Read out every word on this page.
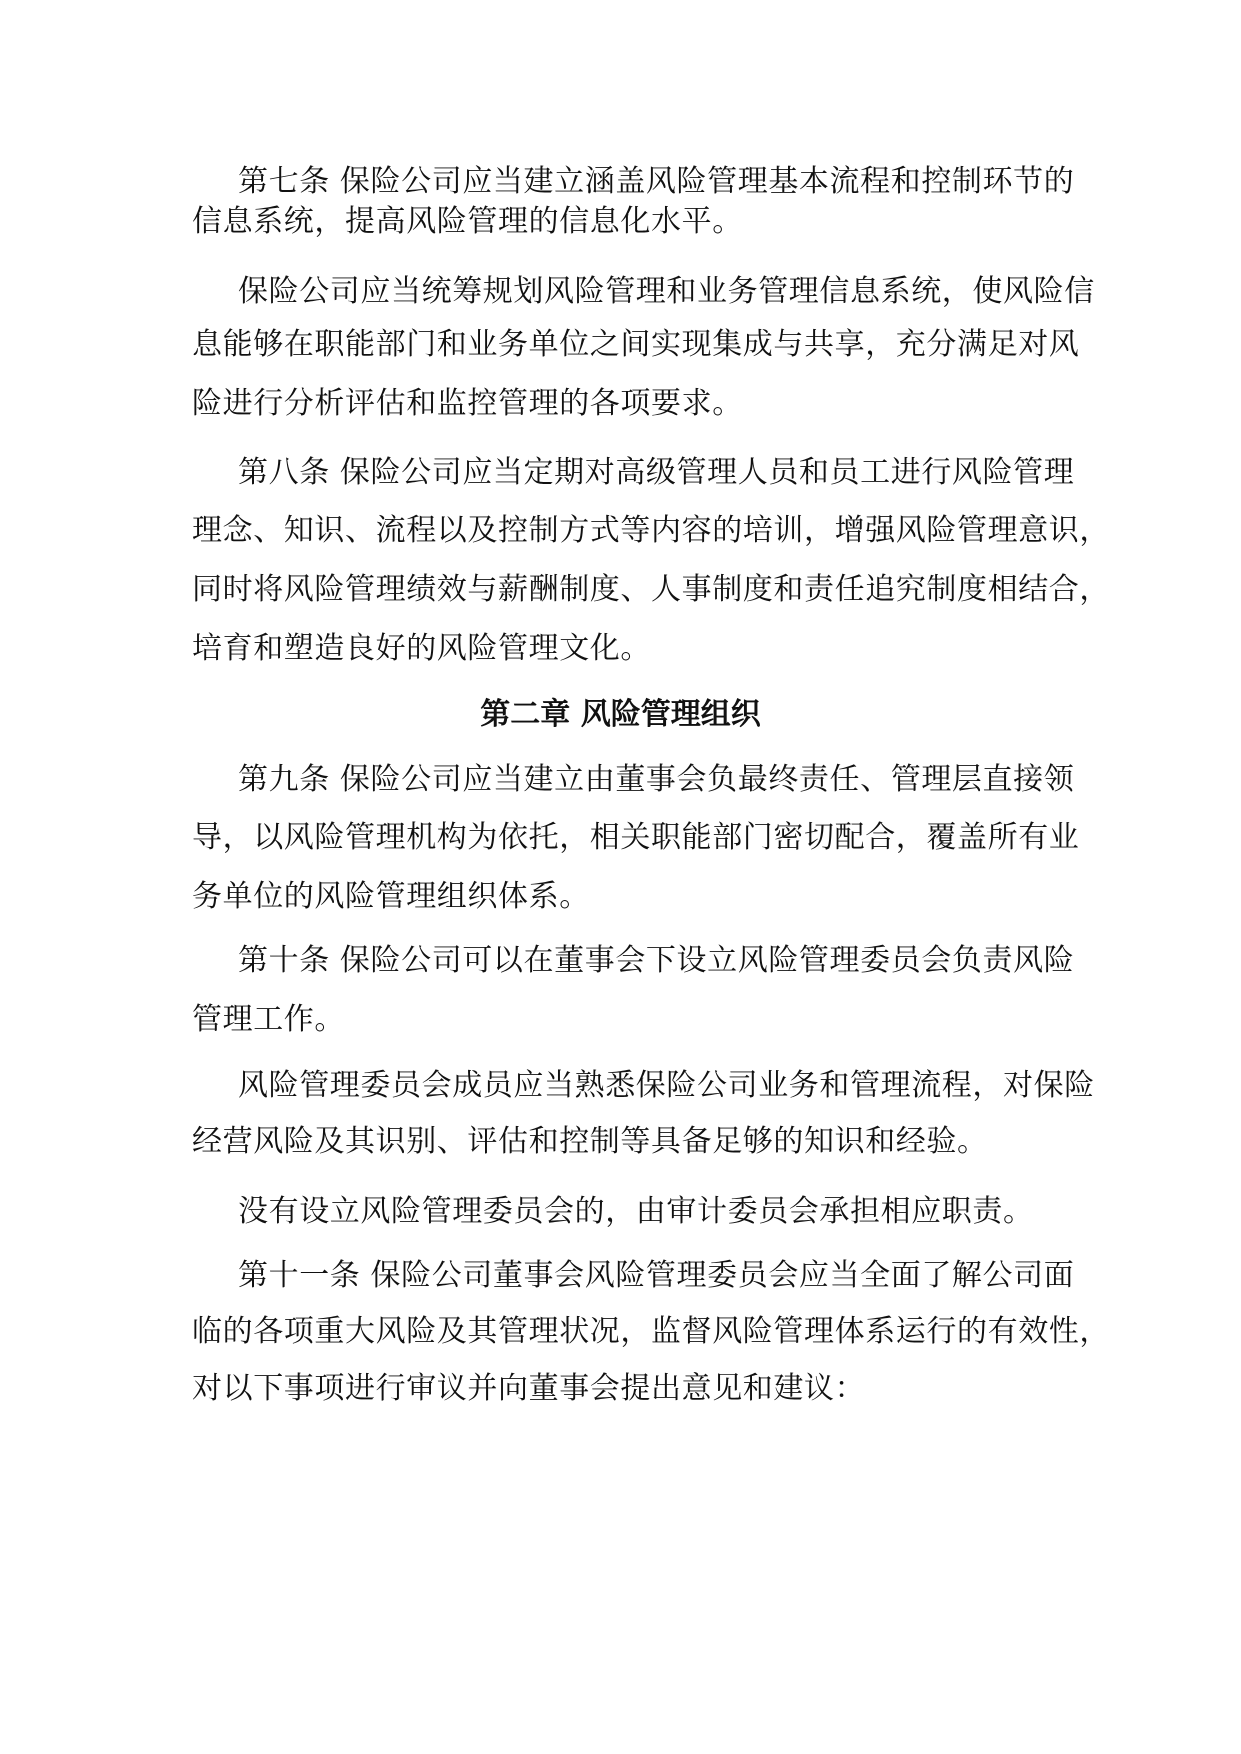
第七条 保险公司应当建立涵盖风险管理基本流程和控制环节的
信息系统，提高风险管理的信息化水平。
保险公司应当统筹规划风险管理和业务管理信息系统，使风险信
息能够在职能部门和业务单位之间实现集成与共享，充分满足对风
险进行分析评估和监控管理的各项要求。
第八条 保险公司应当定期对高级管理人员和员工进行风险管理
理念、知识、流程以及控制方式等内容的培训，增强风险管理意识，
同时将风险管理绩效与薪酬制度、人事制度和责任追究制度相结合，
培育和塑造良好的风险管理文化。
第二章 风险管理组织
第九条 保险公司应当建立由董事会负最终责任、管理层直接领
导，以风险管理机构为依托，相关职能部门密切配合，覆盖所有业
务单位的风险管理组织体系。
第十条 保险公司可以在董事会下设立风险管理委员会负责风险
管理工作。
风险管理委员会成员应当熟悉保险公司业务和管理流程，对保险
经营风险及其识别、评估和控制等具备足够的知识和经验。
没有设立风险管理委员会的，由审计委员会承担相应职责。
第十一条 保险公司董事会风险管理委员会应当全面了解公司面
临的各项重大风险及其管理状况，监督风险管理体系运行的有效性，
对以下事项进行审议并向董事会提出意见和建议：
